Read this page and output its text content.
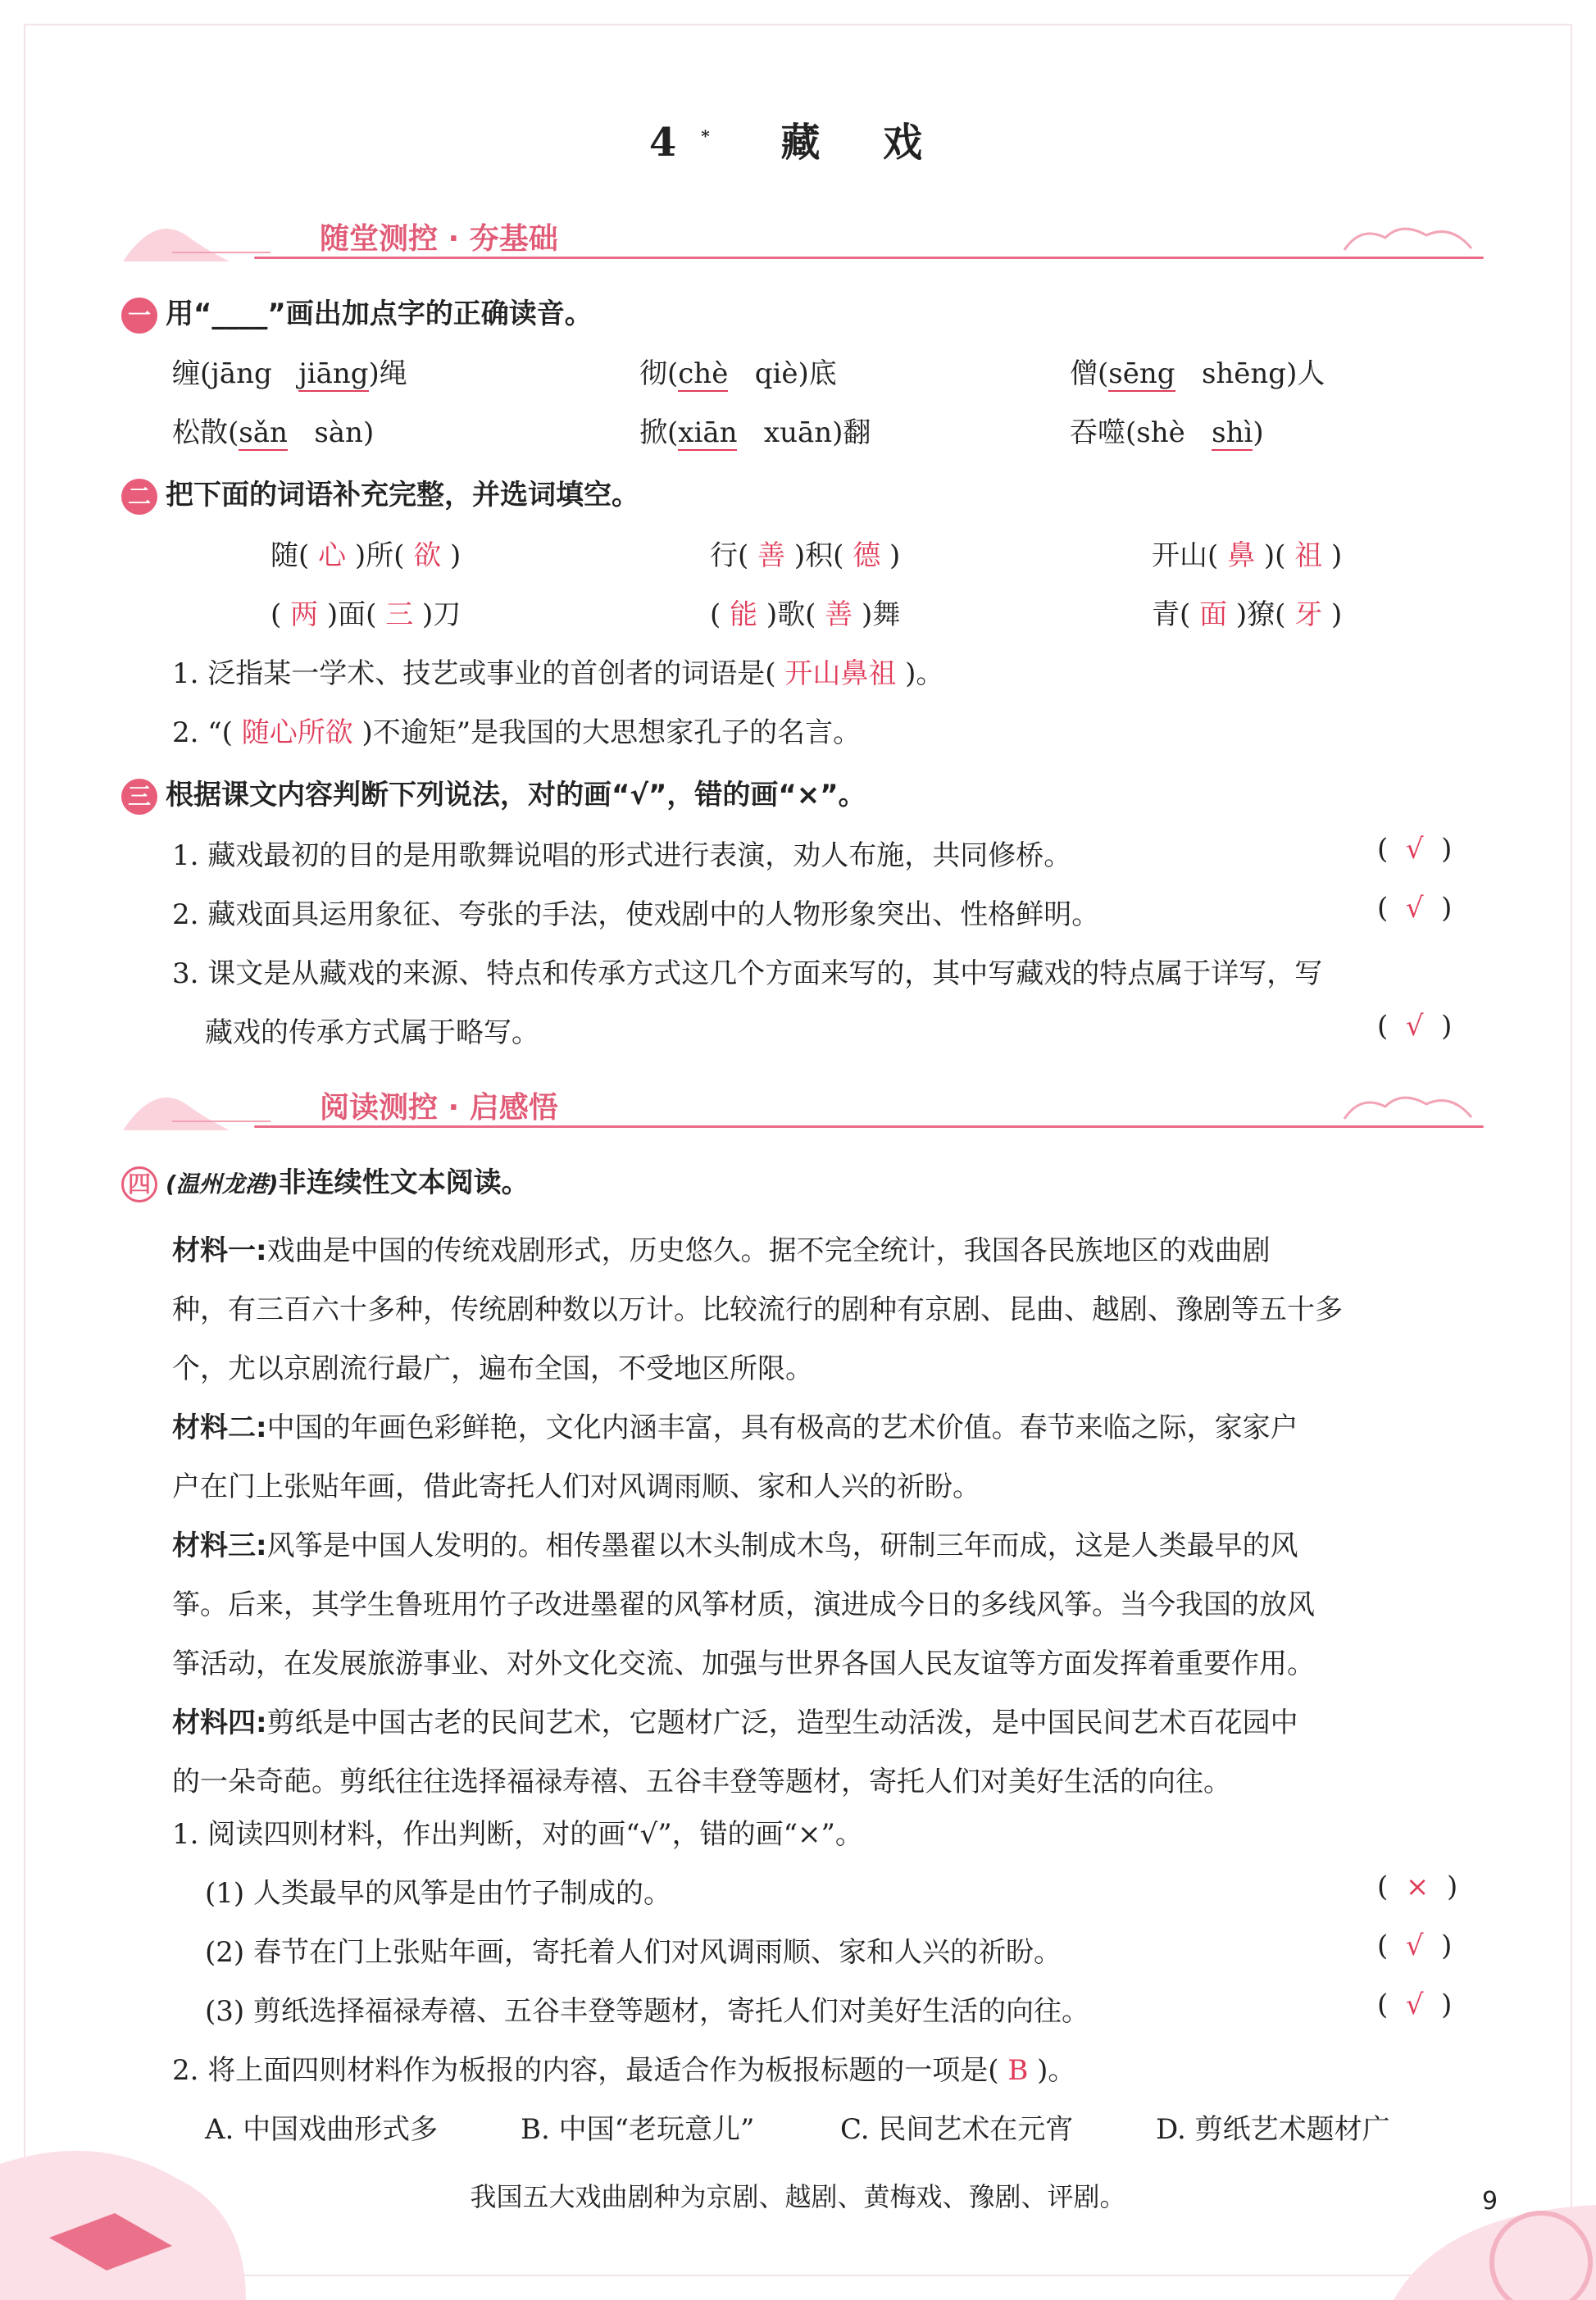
4* 藏 戏
随堂测控 · 夯基础
一 用“____”画出加点字的正确读音。
缠(jāng jiāng)绳	彻(chè qiè)底	僧(sēng shēng)人
松散(sǎn sàn)	掀(xiān xuān)翻	吞噬(shè shì)
二 把下面的词语补充完整，并选词填空。
随( 心 )所( 欲 )	行( 善 )积( 德 )	开山( 鼻 )( 祖 )
( 两 )面( 三 )刀	( 能 )歌( 善 )舞	青( 面 )獠( 牙 )
1. 泛指某一学术、技艺或事业的首创者的词语是( 开山鼻祖 )。
2. “( 随心所欲 )不逾矩”是我国的大思想家孔子的名言。
三 根据课文内容判断下列说法，对的画“√”，错的画“×”。
1. 藏戏最初的目的是用歌舞说唱的形式进行表演，劝人布施，共同修桥。	(  √  )
2. 藏戏面具运用象征、夸张的手法，使戏剧中的人物形象突出、性格鲜明。	(  √  )
3. 课文是从藏戏的来源、特点和传承方式这几个方面来写的，其中写藏戏的特点属于详写，写
藏戏的传承方式属于略写。	(  √  )
阅读测控 · 启感悟
四 (温州龙港)非连续性文本阅读。
材料一:戏曲是中国的传统戏剧形式，历史悠久。据不完全统计，我国各民族地区的戏曲剧
种，有三百六十多种，传统剧种数以万计。比较流行的剧种有京剧、昆曲、越剧、豫剧等五十多
个，尤以京剧流行最广，遍布全国，不受地区所限。
材料二:中国的年画色彩鲜艳，文化内涵丰富，具有极高的艺术价值。春节来临之际，家家户
户在门上张贴年画，借此寄托人们对风调雨顺、家和人兴的祈盼。
材料三:风筝是中国人发明的。相传墨翟以木头制成木鸟，研制三年而成，这是人类最早的风
筝。后来，其学生鲁班用竹子改进墨翟的风筝材质，演进成今日的多线风筝。当今我国的放风
筝活动，在发展旅游事业、对外文化交流、加强与世界各国人民友谊等方面发挥着重要作用。
材料四:剪纸是中国古老的民间艺术，它题材广泛，造型生动活泼，是中国民间艺术百花园中
的一朵奇葩。剪纸往往选择福禄寿禧、五谷丰登等题材，寄托人们对美好生活的向往。
1. 阅读四则材料，作出判断，对的画“√”，错的画“×”。
(1) 人类最早的风筝是由竹子制成的。	(  ×  )
(2) 春节在门上张贴年画，寄托着人们对风调雨顺、家和人兴的祈盼。	(  √  )
(3) 剪纸选择福禄寿禧、五谷丰登等题材，寄托人们对美好生活的向往。	(  √  )
2. 将上面四则材料作为板报的内容，最适合作为板报标题的一项是( B )。
A. 中国戏曲形式多	B. 中国“老玩意儿”	C. 民间艺术在元宵	D. 剪纸艺术题材广
我国五大戏曲剧种为京剧、越剧、黄梅戏、豫剧、评剧。	9
